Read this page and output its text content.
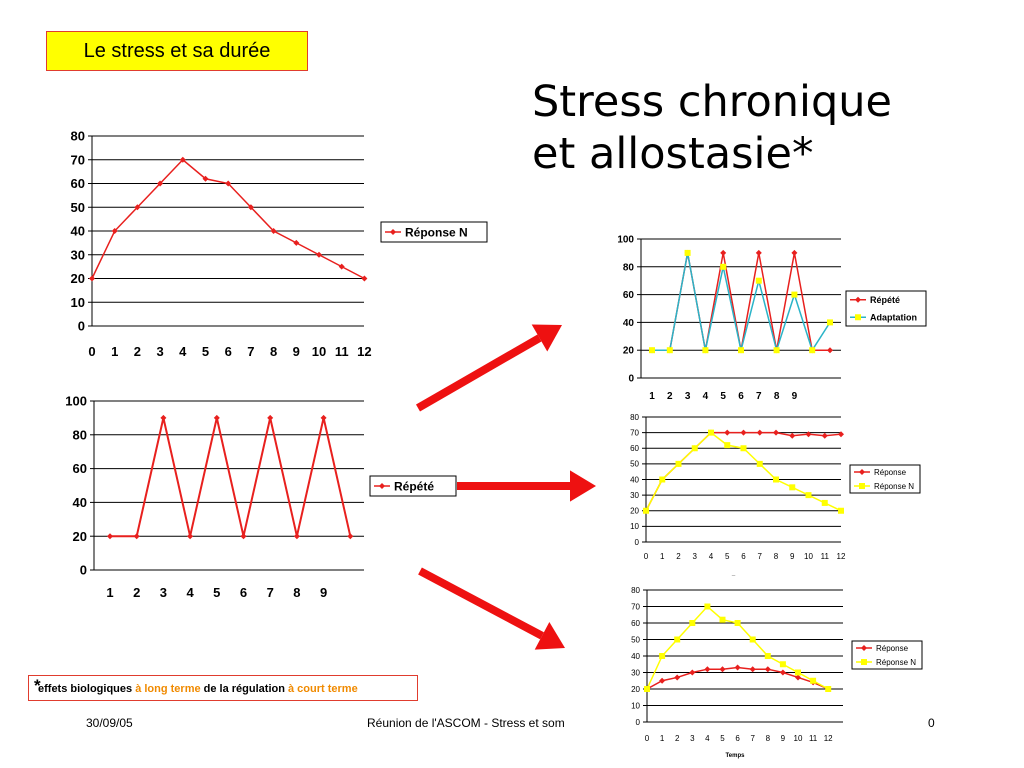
Le stress et sa durée
Stress chronique
et allostasie*
0
10
20
30
40
50
60
70
80
0 1 2 3 4 5 6 7 8 9 10 11 12
Réponse N
0
20
40
60
80
100
1 2 3 4 5 6 7 8 9
Répété
0
20
40
60
80
100
1 2 3 4 5 6 7 8 9
Répété
Adaptation
0
10
20
30
40
50
60
70
80
0 1 2 3 4 5 6 7 8 9 10 11 12
_
Réponse
Réponse N
0
10
20
30
40
50
60
70
80
0 1 2 3 4 5 6 7 8 9 10 11 12
Temps
Réponse
Réponse N
*
effets biologiques à long terme de la régulation à court terme
30/09/05	Réunion de l'ASCOM - Stress et som	0
